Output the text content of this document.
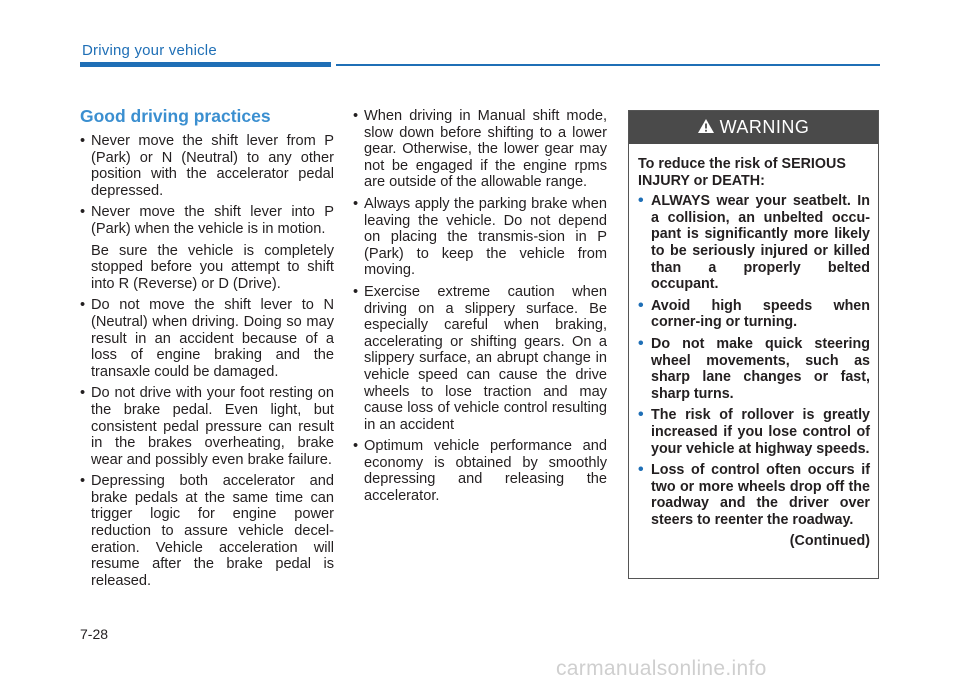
Driving your vehicle
Good driving practices
• Never move the shift lever from P (Park) or N (Neutral) to any other position with the accelerator pedal depressed.
• Never move the shift lever into P (Park) when the vehicle is in motion.
Be sure the vehicle is completely stopped before you attempt to shift into R (Reverse) or D (Drive).
• Do not move the shift lever to N (Neutral) when driving. Doing so may result in an accident because of a loss of engine braking and the transaxle could be damaged.
• Do not drive with your foot resting on the brake pedal. Even light, but consistent pedal pressure can result in the brakes overheating, brake wear and possibly even brake failure.
• Depressing both accelerator and brake pedals at the same time can trigger logic for engine power reduction to assure vehicle decel-eration. Vehicle acceleration will resume after the brake pedal is released.
• When driving in Manual shift mode, slow down before shifting to a lower gear. Otherwise, the lower gear may not be engaged if the engine rpms are outside of the allowable range.
• Always apply the parking brake when leaving the vehicle. Do not depend on placing the transmis-sion in P (Park) to keep the vehicle from moving.
• Exercise extreme caution when driving on a slippery surface. Be especially careful when braking, accelerating or shifting gears. On a slippery surface, an abrupt change in vehicle speed can cause the drive wheels to lose traction and may cause loss of vehicle control resulting in an accident
• Optimum vehicle performance and economy is obtained by smoothly depressing and releasing the accelerator.
WARNING
To reduce the risk of SERIOUS INJURY or DEATH:
• ALWAYS wear your seatbelt. In a collision, an unbelted occu-pant is significantly more likely to be seriously injured or killed than a properly belted occupant.
• Avoid high speeds when corner-ing or turning.
• Do not make quick steering wheel movements, such as sharp lane changes or fast, sharp turns.
• The risk of rollover is greatly increased if you lose control of your vehicle at highway speeds.
• Loss of control often occurs if two or more wheels drop off the roadway and the driver over steers to reenter the roadway.
(Continued)
7-28
carmanualsonline.info
